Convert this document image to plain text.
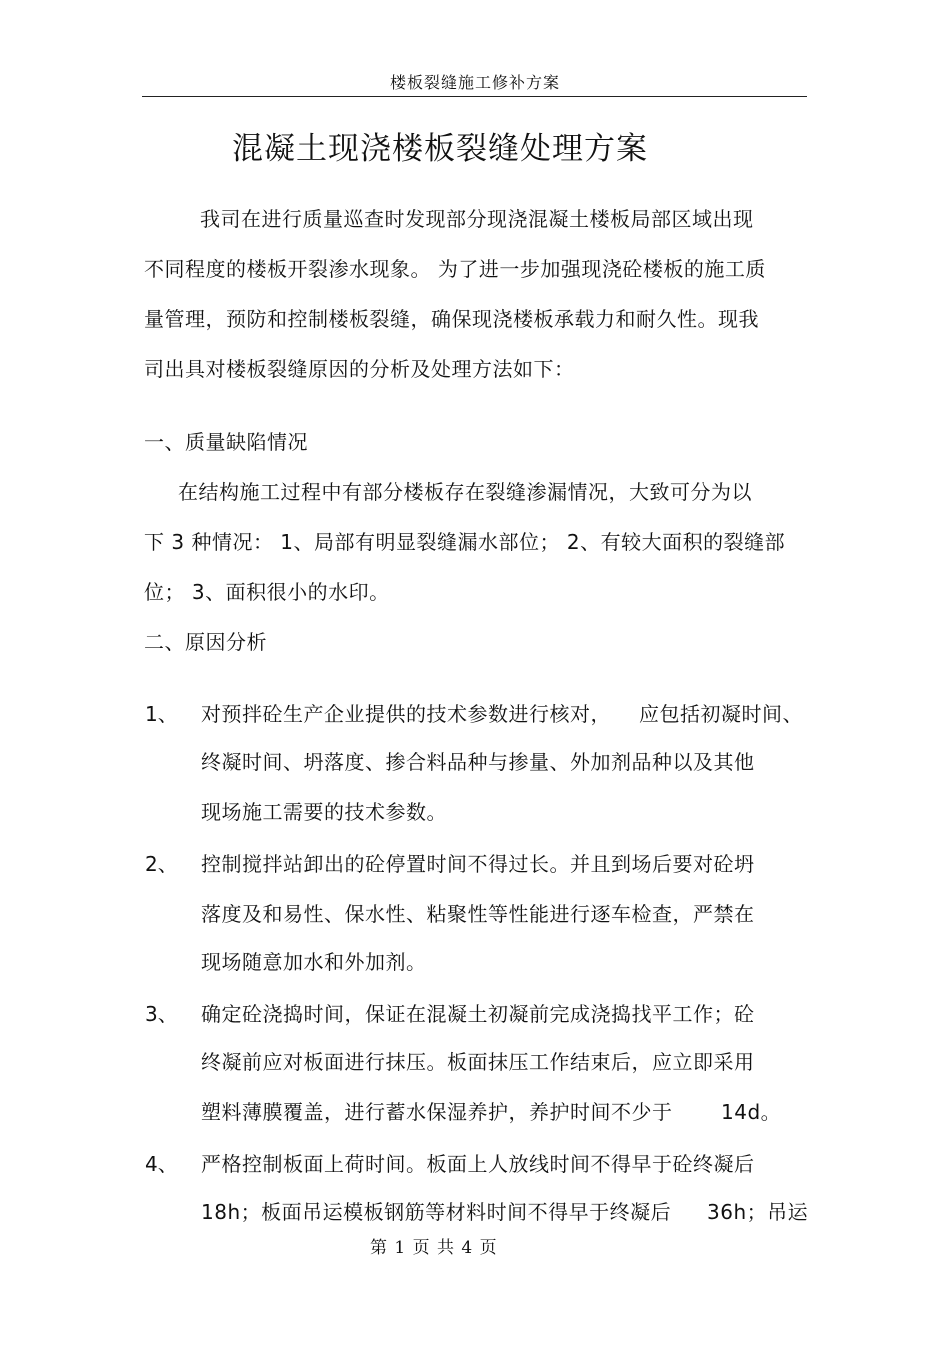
楼板裂缝施工修补方案
混凝土现浇楼板裂缝处理方案
我司在进行质量巡查时发现部分现浇混凝土楼板局部区域出现
不同程度的楼板开裂渗水现象。 为了进一步加强现浇砼楼板的施工质
量管理，预防和控制楼板裂缝，确保现浇楼板承载力和耐久性。现我
司出具对楼板裂缝原因的分析及处理方法如下：
一、质量缺陷情况
在结构施工过程中有部分楼板存在裂缝渗漏情况，大致可分为以
下 3 种情况： 1、局部有明显裂缝漏水部位； 2、有较大面积的裂缝部
位； 3、面积很小的水印。
二、原因分析
1、 对预拌砼生产企业提供的技术参数进行核对， 应包括初凝时间、
终凝时间、坍落度、掺合料品种与掺量、外加剂品种以及其他
现场施工需要的技术参数。
2、 控制搅拌站卸出的砼停置时间不得过长。并且到场后要对砼坍
落度及和易性、保水性、粘聚性等性能进行逐车检查，严禁在
现场随意加水和外加剂。
3、 确定砼浇捣时间，保证在混凝土初凝前完成浇捣找平工作；砼
终凝前应对板面进行抹压。板面抹压工作结束后，应立即采用
塑料薄膜覆盖，进行蓄水保湿养护，养护时间不少于 14d。
4、 严格控制板面上荷时间。板面上人放线时间不得早于砼终凝后
18h；板面吊运模板钢筋等材料时间不得早于终凝后 36h；吊运
第 1 页 共 4 页
